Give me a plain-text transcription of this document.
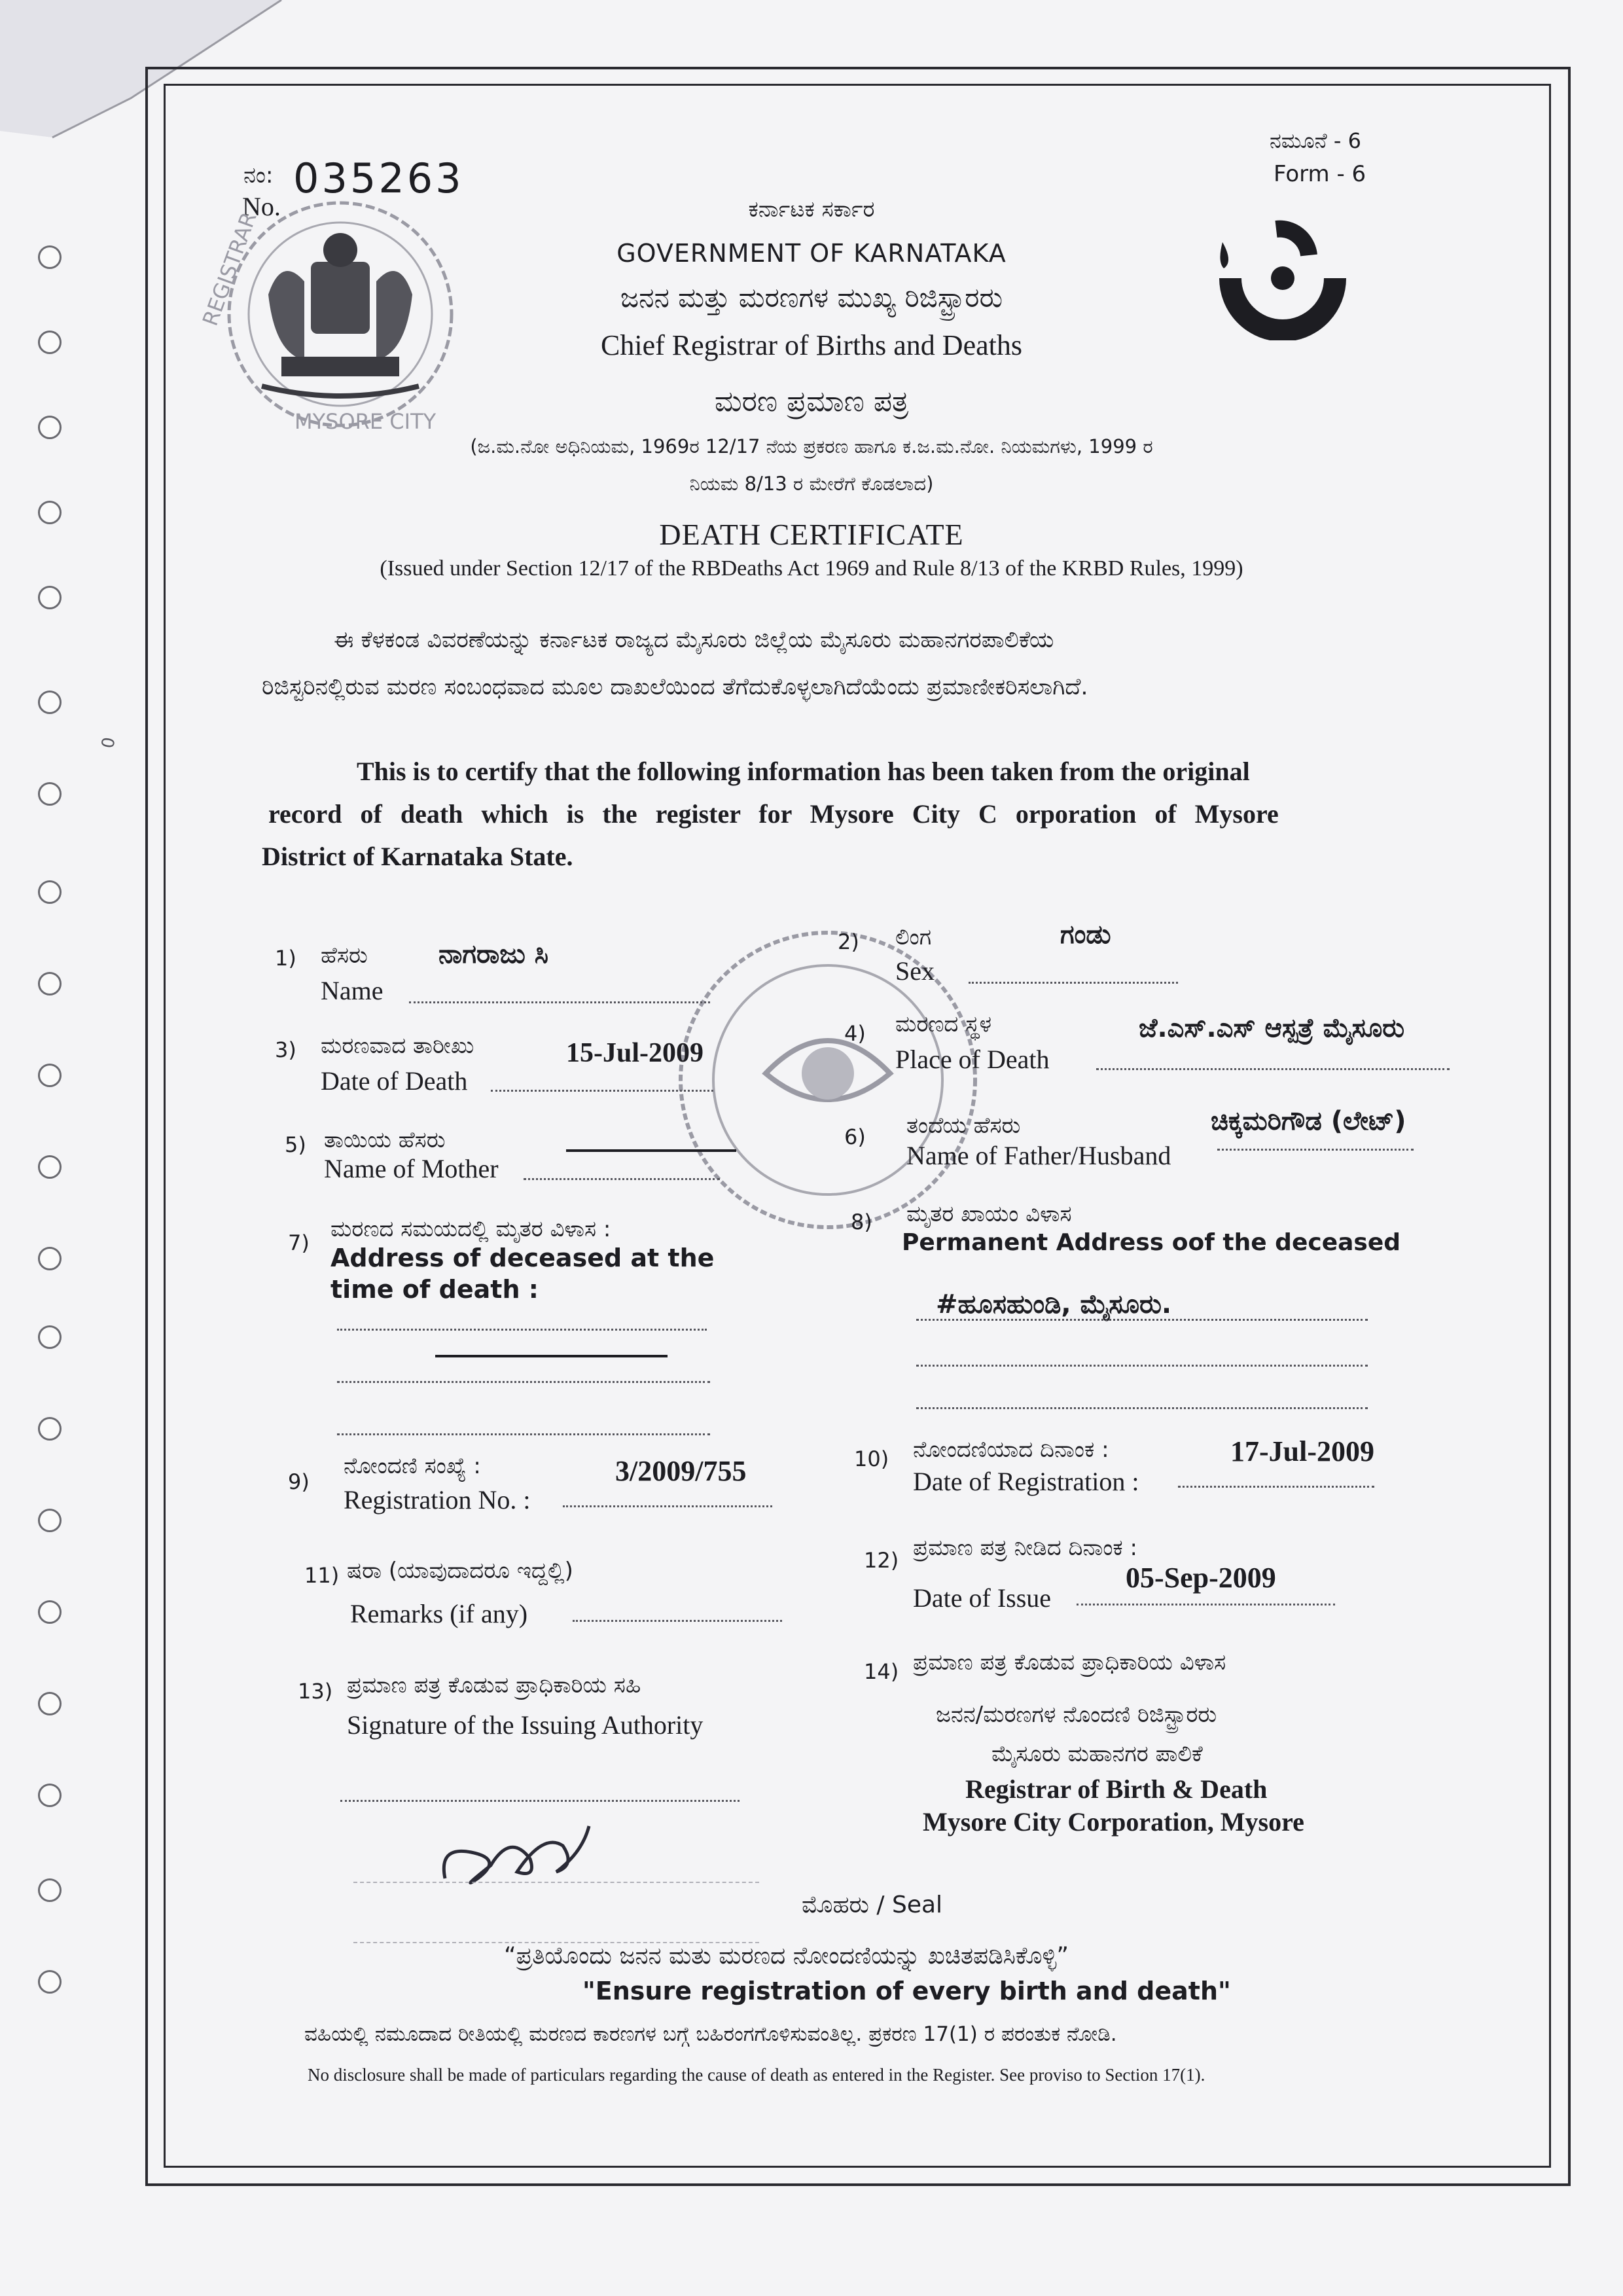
ನಂ:
No.
035263
ನಮೂನೆ - 6
Form - 6
REGISTRAR
MYSORE CITY
ಕರ್ನಾಟಕ ಸರ್ಕಾರ
GOVERNMENT OF KARNATAKA
ಜನನ ಮತ್ತು ಮರಣಗಳ ಮುಖ್ಯ ರಿಜಿಸ್ಟ್ರಾರರು
Chief Registrar of Births and Deaths
ಮರಣ ಪ್ರಮಾಣ ಪತ್ರ
(ಜ.ಮ.ನೋ ಅಧಿನಿಯಮ, 1969ರ 12/17 ನೆಯ ಪ್ರಕರಣ ಹಾಗೂ ಕ.ಜ.ಮ.ನೋ. ನಿಯಮಗಳು, 1999 ರ
ನಿಯಮ 8/13 ರ ಮೇರೆಗೆ ಕೊಡಲಾದ)
DEATH CERTIFICATE
(Issued under Section 12/17 of the RBDeaths Act 1969 and Rule 8/13 of the KRBD Rules, 1999)
ಈ ಕೆಳಕಂಡ ವಿವರಣೆಯನ್ನು ಕರ್ನಾಟಕ ರಾಜ್ಯದ ಮೈಸೂರು ಜಿಲ್ಲೆಯ ಮೈಸೂರು ಮಹಾನಗರಪಾಲಿಕೆಯ
ರಿಜಿಸ್ಟರಿನಲ್ಲಿರುವ ಮರಣ ಸಂಬಂಧವಾದ ಮೂಲ ದಾಖಲೆಯಿಂದ ತೆಗೆದುಕೊಳ್ಳಲಾಗಿದೆಯೆಂದು ಪ್ರಮಾಣೀಕರಿಸಲಾಗಿದೆ.
This is to certify that the following information has been taken from the original
record of death which is the register for Mysore City C orporation of Mysore
District of Karnataka State.
1) ಹೆಸರು
Name
ನಾಗರಾಜು ಸಿ	2) ಲಿಂಗ
Sex
ಗಂಡು
3) ಮರಣವಾದ ತಾರೀಖು
Date of Death
15-Jul-2009
4) ಮರಣದ ಸ್ಥಳ
Place of Death
ಜೆ.ಎಸ್.ಎಸ್ ಆಸ್ಪತ್ರೆ ಮೈಸೂರು
5) ತಾಯಿಯ ಹೆಸರು
Name of Mother
6) ತಂದೆಯ ಹೆಸರು
Name of Father/Husband
ಚಿಕ್ಕಮರಿಗೌಡ (ಲೇಟ್)
7)
ಮರಣದ ಸಮಯದಲ್ಲಿ ಮೃತರ ವಿಳಾಸ :
Address of deceased at the
time of death :
8) ಮೃತರ ಖಾಯಂ ವಿಳಾಸ
Permanent Address oof the deceased
#ಹೂಸಹುಂಡಿ, ಮೈಸೂರು.
9)
ನೋಂದಣಿ ಸಂಖ್ಯೆ :
Registration No. :
3/2009/755	10) ನೋಂದಣಿಯಾದ ದಿನಾಂಕ :
Date of Registration :
17-Jul-2009
11) ಷರಾ (ಯಾವುದಾದರೂ ಇದ್ದಲ್ಲಿ)
Remarks (if any)
12) ಪ್ರಮಾಣ ಪತ್ರ ನೀಡಿದ ದಿನಾಂಕ :
Date of Issue
05-Sep-2009
13) ಪ್ರಮಾಣ ಪತ್ರ ಕೊಡುವ ಪ್ರಾಧಿಕಾರಿಯ ಸಹಿ
Signature of the Issuing Authority
14) ಪ್ರಮಾಣ ಪತ್ರ ಕೊಡುವ ಪ್ರಾಧಿಕಾರಿಯ ವಿಳಾಸ
ಜನನ/ಮರಣಗಳ ನೊಂದಣಿ ರಿಜಿಸ್ಟ್ರಾರರು
ಮೈಸೂರು ಮಹಾನಗರ ಪಾಲಿಕೆ
Registrar of Birth & Death
Mysore City Corporation, Mysore
ಮೊಹರು / Seal
“ಪ್ರತಿಯೊಂದು ಜನನ ಮತು ಮರಣದ ನೋಂದಣಿಯನ್ನು ಖಚಿತಪಡಿಸಿಕೊಳ್ಳಿ”
"Ensure registration of every birth and death"
ವಹಿಯಲ್ಲಿ ನಮೂದಾದ ರೀತಿಯಲ್ಲಿ ಮರಣದ ಕಾರಣಗಳ ಬಗ್ಗೆ ಬಹಿರಂಗಗೊಳಿಸುವಂತಿಲ್ಲ. ಪ್ರಕರಣ 17(1) ರ ಪರಂತುಕ ನೋಡಿ.
No disclosure shall be made of particulars regarding the cause of death as entered in the Register. See proviso to Section 17(1).
0
